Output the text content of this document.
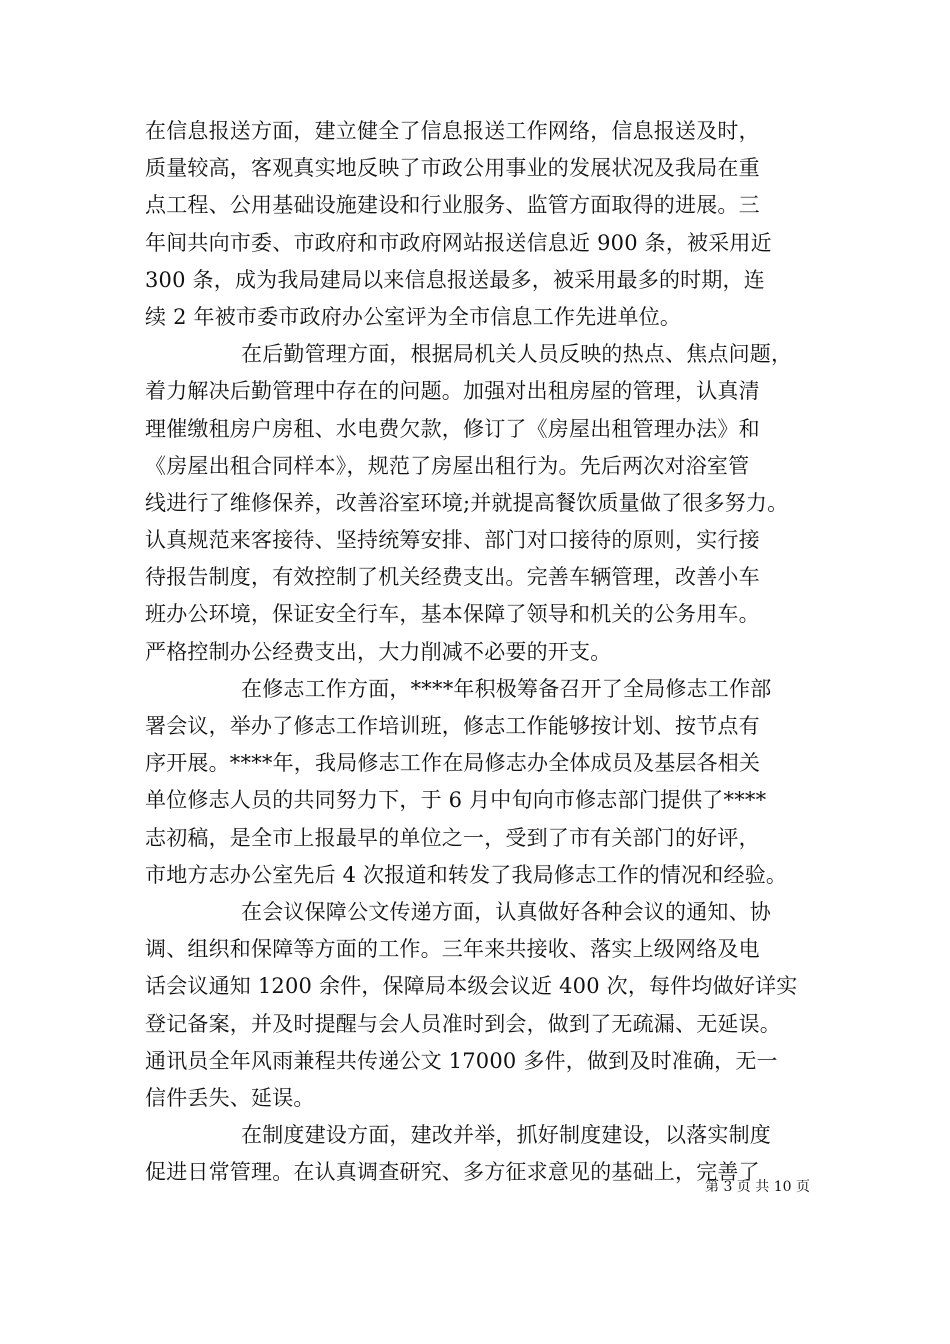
在信息报送方面，建立健全了信息报送工作网络，信息报送及时，
质量较高，客观真实地反映了市政公用事业的发展状况及我局在重
点工程、公用基础设施建设和行业服务、监管方面取得的进展。三
年间共向市委、市政府和市政府网站报送信息近 900 条，被采用近
300 条，成为我局建局以来信息报送最多，被采用最多的时期，连
续 2 年被市委市政府办公室评为全市信息工作先进单位。
在后勤管理方面，根据局机关人员反映的热点、焦点问题，
着力解决后勤管理中存在的问题。加强对出租房屋的管理，认真清
理催缴租房户房租、水电费欠款，修订了《房屋出租管理办法》和
《房屋出租合同样本》，规范了房屋出租行为。先后两次对浴室管
线进行了维修保养，改善浴室环境;并就提高餐饮质量做了很多努力。
认真规范来客接待、坚持统筹安排、部门对口接待的原则，实行接
待报告制度，有效控制了机关经费支出。完善车辆管理，改善小车
班办公环境，保证安全行车，基本保障了领导和机关的公务用车。
严格控制办公经费支出，大力削减不必要的开支。
在修志工作方面，****年积极筹备召开了全局修志工作部
署会议，举办了修志工作培训班，修志工作能够按计划、按节点有
序开展。****年，我局修志工作在局修志办全体成员及基层各相关
单位修志人员的共同努力下，于 6 月中旬向市修志部门提供了****
志初稿，是全市上报最早的单位之一，受到了市有关部门的好评，
市地方志办公室先后 4 次报道和转发了我局修志工作的情况和经验。
在会议保障公文传递方面，认真做好各种会议的通知、协
调、组织和保障等方面的工作。三年来共接收、落实上级网络及电
话会议通知 1200 余件，保障局本级会议近 400 次，每件均做好详实
登记备案，并及时提醒与会人员准时到会，做到了无疏漏、无延误。
通讯员全年风雨兼程共传递公文 17000 多件，做到及时准确，无一
信件丢失、延误。
在制度建设方面，建改并举，抓好制度建设，以落实制度
促进日常管理。在认真调查研究、多方征求意见的基础上，完善了
第 3 页 共 10 页
